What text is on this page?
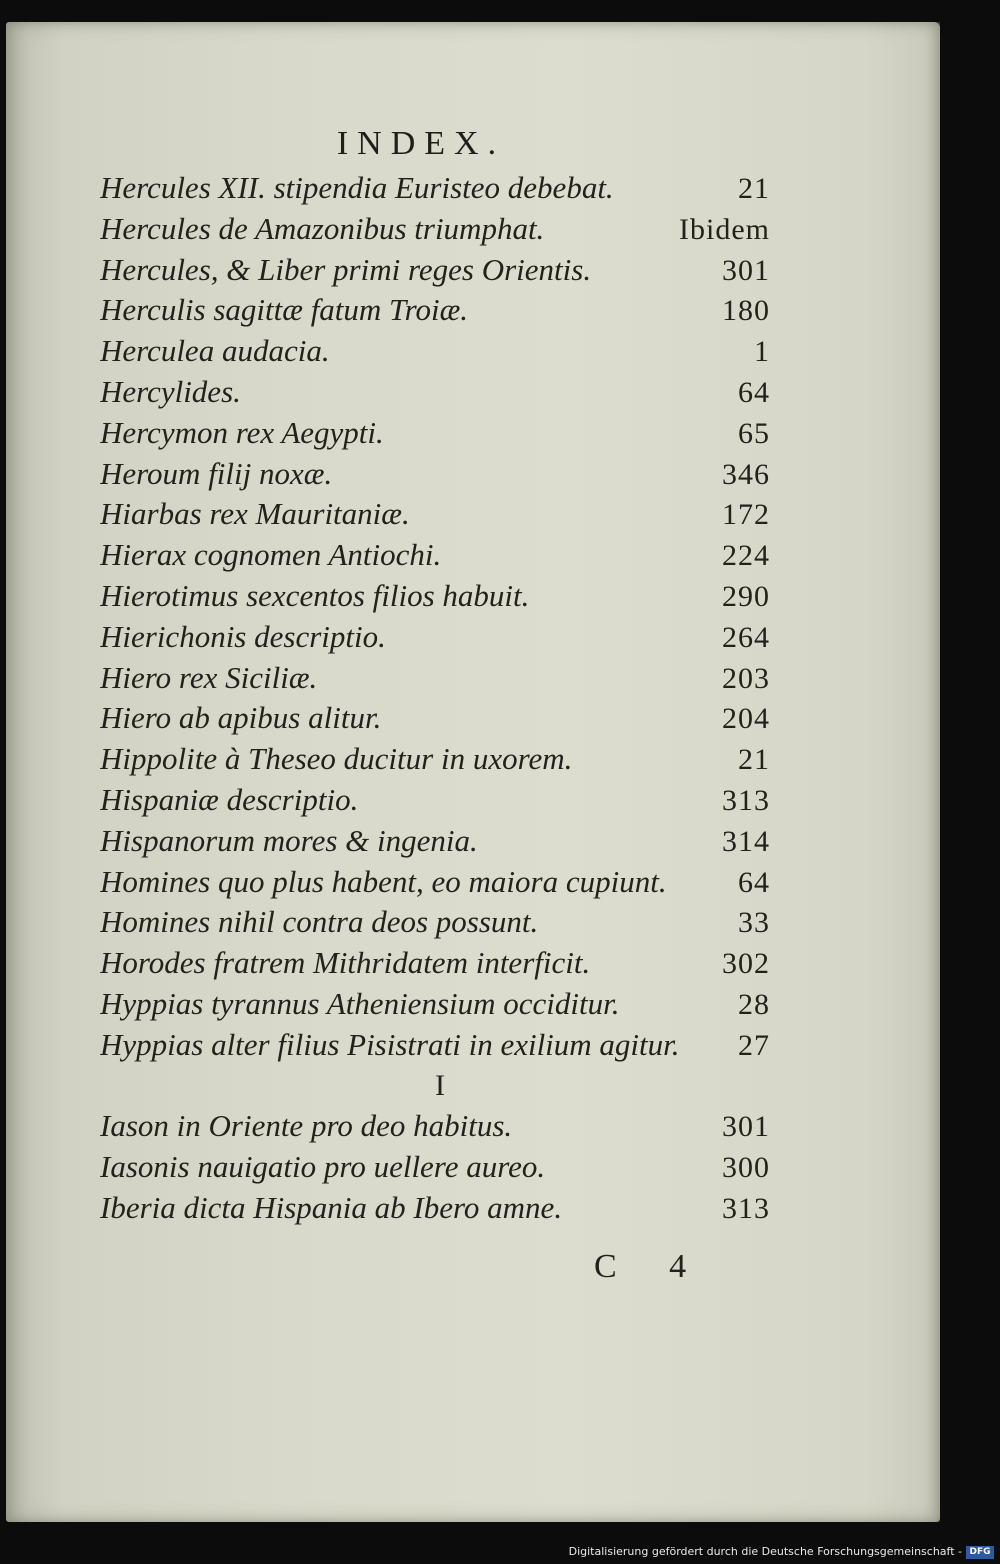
INDEX.
Hercules XII. stipendia Euristeo debebat.	21
Hercules de Amazonibus triumphat.	Ibidem
Hercules, & Liber primi reges Orientis.	301
Herculis sagittæ fatum Troiæ.	180
Herculea audacia.	1
Hercylides.	64
Hercymon rex Aegypti.	65
Heroum filij noxæ.	346
Hiarbas rex Mauritaniæ.	172
Hierax cognomen Antiochi.	224
Hierotimus sexcentos filios habuit.	290
Hierichonis descriptio.	264
Hiero rex Siciliæ.	203
Hiero ab apibus alitur.	204
Hippolite à Theseo ducitur in uxorem.	21
Hispaniæ descriptio.	313
Hispanorum mores & ingenia.	314
Homines quo plus habent, eo maiora cupiunt.	64
Homines nihil contra deos possunt.	33
Horodes fratrem Mithridatem interficit.	302
Hyppias tyrannus Atheniensium occiditur.	28
Hyppias alter filius Pisistrati in exilium agitur.	27
I
Iason in Oriente pro deo habitus.	301
Iasonis nauigatio pro uellere aureo.	300
Iberia dicta Hispania ab Ibero amne.	313
C 4
Digitalisierung gefördert durch die Deutsche Forschungsgemeinschaft - DFG
